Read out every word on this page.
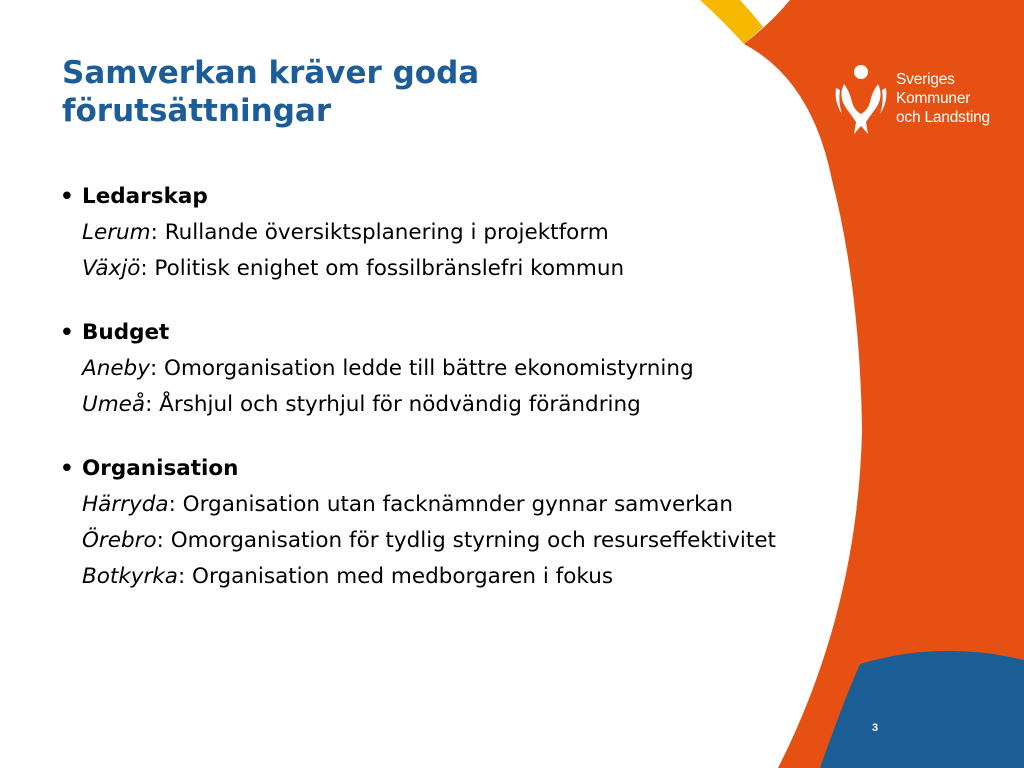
Samverkan kräver goda förutsättningar
Sveriges
Kommuner
och Landsting
• Ledarskap
Lerum: Rullande översiktsplanering i projektform
Växjö: Politisk enighet om fossilbränslefri kommun
• Budget
Aneby: Omorganisation ledde till bättre ekonomistyrning
Umeå: Årshjul och styrhjul för nödvändig förändring
• Organisation
Härryda: Organisation utan facknämnder gynnar samverkan
Örebro: Omorganisation för tydlig styrning och resurseffektivitet
Botkyrka: Organisation med medborgaren i fokus
3
